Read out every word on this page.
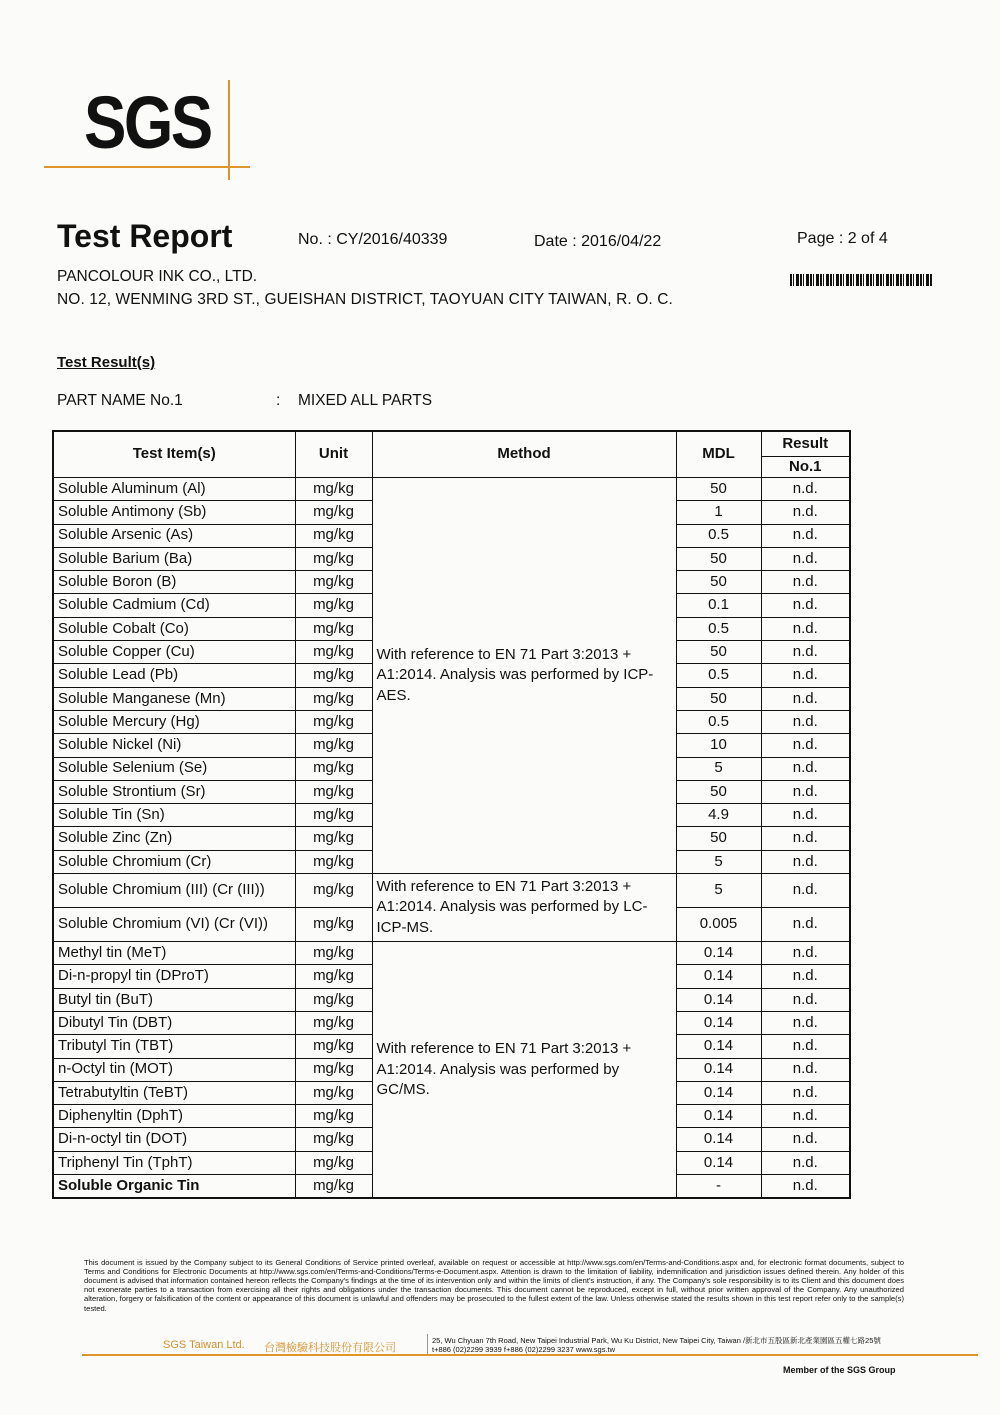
SGS
Test Report	No. : CY/2016/40339	Date : 2016/04/22	Page : 2 of 4
PANCOLOUR INK CO., LTD.
NO. 12, WENMING 3RD ST., GUEISHAN DISTRICT, TAOYUAN CITY TAIWAN, R. O. C.
Test Result(s)
PART NAME No.1	: MIXED ALL PARTS
Test Item(s)	Unit	Method	MDL	Result
				No.1
Soluble Aluminum (Al)	mg/kg	With reference to EN 71 Part 3:2013 + A1:2014. Analysis was performed by ICP-AES.	50	n.d.
Soluble Antimony (Sb)	mg/kg		1	n.d.
Soluble Arsenic (As)	mg/kg		0.5	n.d.
Soluble Barium (Ba)	mg/kg		50	n.d.
Soluble Boron (B)	mg/kg		50	n.d.
Soluble Cadmium (Cd)	mg/kg		0.1	n.d.
Soluble Cobalt (Co)	mg/kg		0.5	n.d.
Soluble Copper (Cu)	mg/kg		50	n.d.
Soluble Lead (Pb)	mg/kg		0.5	n.d.
Soluble Manganese (Mn)	mg/kg		50	n.d.
Soluble Mercury (Hg)	mg/kg		0.5	n.d.
Soluble Nickel (Ni)	mg/kg		10	n.d.
Soluble Selenium (Se)	mg/kg		5	n.d.
Soluble Strontium (Sr)	mg/kg		50	n.d.
Soluble Tin (Sn)	mg/kg		4.9	n.d.
Soluble Zinc (Zn)	mg/kg		50	n.d.
Soluble Chromium (Cr)	mg/kg		5	n.d.
Soluble Chromium (III) (Cr (III))	mg/kg	With reference to EN 71 Part 3:2013 + A1:2014. Analysis was performed by LC-ICP-MS.	5	n.d.
Soluble Chromium (VI) (Cr (VI))	mg/kg		0.005	n.d.
Methyl tin (MeT)	mg/kg	With reference to EN 71 Part 3:2013 + A1:2014. Analysis was performed by GC/MS.	0.14	n.d.
Di-n-propyl tin (DProT)	mg/kg		0.14	n.d.
Butyl tin (BuT)	mg/kg		0.14	n.d.
Dibutyl Tin (DBT)	mg/kg		0.14	n.d.
Tributyl Tin (TBT)	mg/kg		0.14	n.d.
n-Octyl tin (MOT)	mg/kg		0.14	n.d.
Tetrabutyltin (TeBT)	mg/kg		0.14	n.d.
Diphenyltin (DphT)	mg/kg		0.14	n.d.
Di-n-octyl tin (DOT)	mg/kg		0.14	n.d.
Triphenyl Tin (TphT)	mg/kg		0.14	n.d.
Soluble Organic Tin	mg/kg		-	n.d.
This document is issued by the Company subject to its General Conditions of Service printed overleaf, available on request or accessible at http://www.sgs.com/en/Terms-and-Conditions.aspx and, for electronic format documents, subject to Terms and Conditions for Electronic Documents at http://www.sgs.com/en/Terms-and-Conditions/Terms-e-Document.aspx. Attention is drawn to the limitation of liability, indemnification and jurisdiction issues defined therein. Any holder of this document is advised that information contained hereon reflects the Company's findings at the time of its intervention only and within the limits of client's instruction, if any. The Company's sole responsibility is to its Client and this document does not exonerate parties to a transaction from exercising all their rights and obligations under the transaction documents. This document cannot be reproduced, except in full, without prior written approval of the Company. Any unauthorized alteration, forgery or falsification of the content or appearance of this document is unlawful and offenders may be prosecuted to the fullest extent of the law. Unless otherwise stated the results shown in this test report refer only to the sample(s) tested.
SGS Taiwan Ltd. 台灣檢驗科技股份有限公司
25, Wu Chyuan 7th Road, New Taipei Industrial Park, Wu Ku District, New Taipei City, Taiwan /新北市五股區新北產業園區五權七路25號
t+886 (02)2299 3939 f+886 (02)2299 3237 www.sgs.tw
Member of the SGS Group
